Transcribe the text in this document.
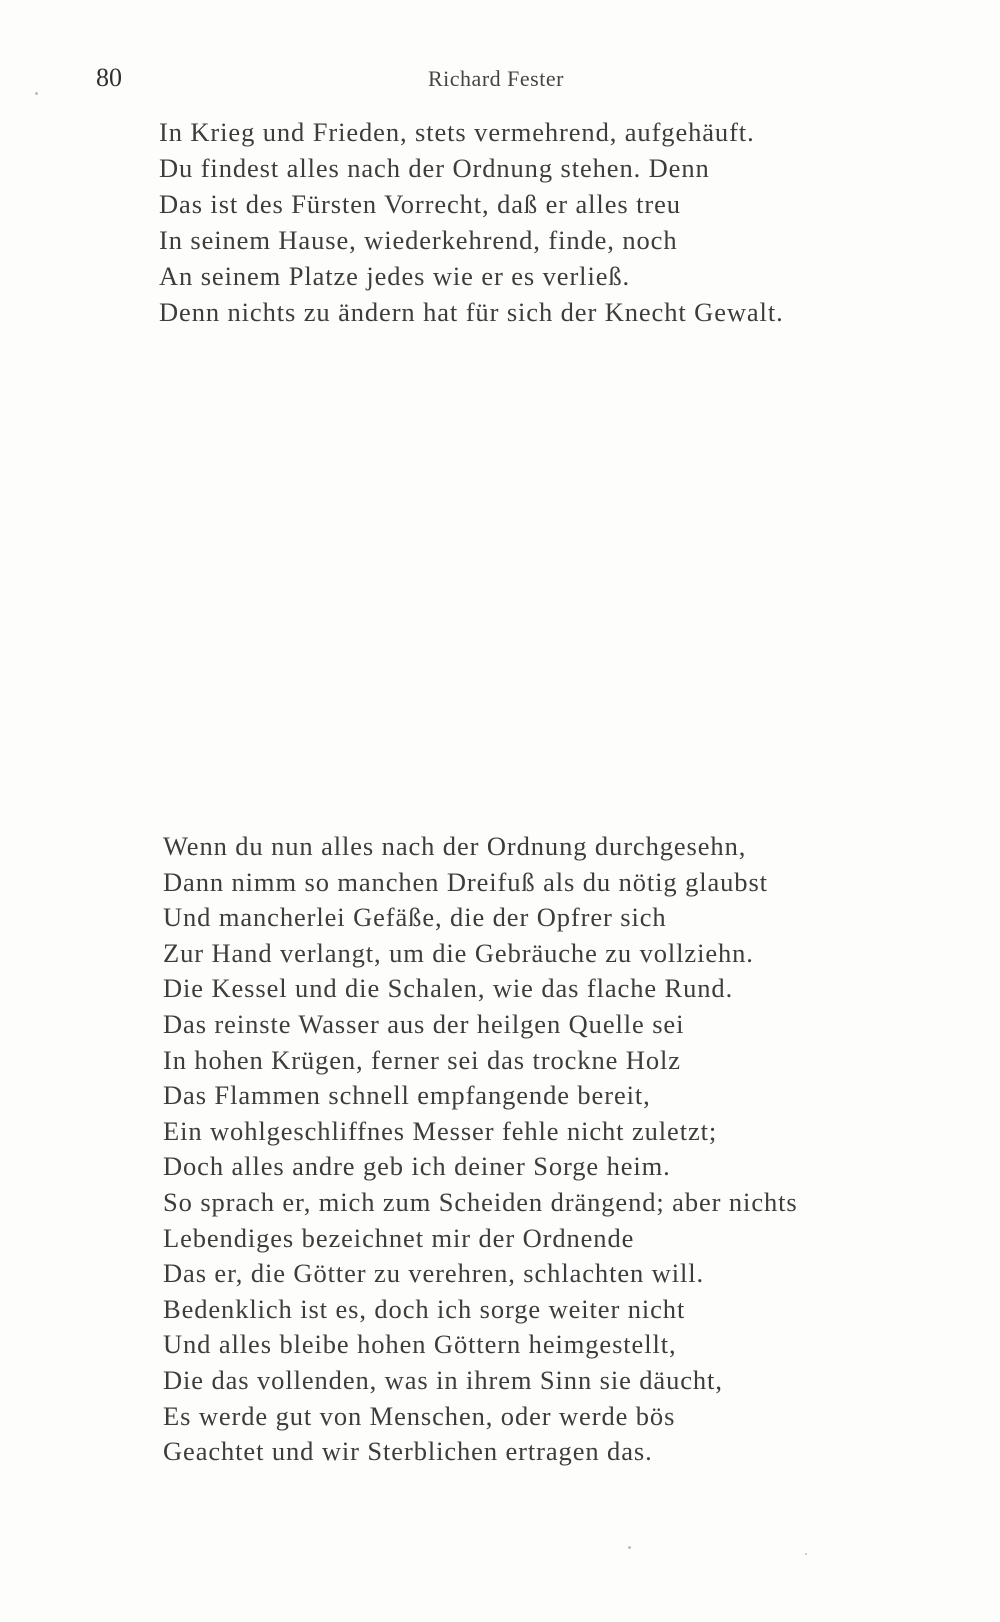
80	Richard Fester
In Krieg und Frieden, stets vermehrend, aufgehäuft.
Du findest alles nach der Ordnung stehen. Denn
Das ist des Fürsten Vorrecht, daß er alles treu
In seinem Hause, wiederkehrend, finde, noch
An seinem Platze jedes wie er es verließ.
Denn nichts zu ändern hat für sich der Knecht Gewalt.
Wenn du nun alles nach der Ordnung durchgesehn,
Dann nimm so manchen Dreifuß als du nötig glaubst
Und mancherlei Gefäße, die der Opfrer sich
Zur Hand verlangt, um die Gebräuche zu vollziehn.
Die Kessel und die Schalen, wie das flache Rund.
Das reinste Wasser aus der heilgen Quelle sei
In hohen Krügen, ferner sei das trockne Holz
Das Flammen schnell empfangende bereit,
Ein wohlgeschliffnes Messer fehle nicht zuletzt;
Doch alles andre geb ich deiner Sorge heim.
So sprach er, mich zum Scheiden drängend; aber nichts
Lebendiges bezeichnet mir der Ordnende
Das er, die Götter zu verehren, schlachten will.
Bedenklich ist es, doch ich sorge weiter nicht
Und alles bleibe hohen Göttern heimgestellt,
Die das vollenden, was in ihrem Sinn sie däucht,
Es werde gut von Menschen, oder werde bös
Geachtet und wir Sterblichen ertragen das.
